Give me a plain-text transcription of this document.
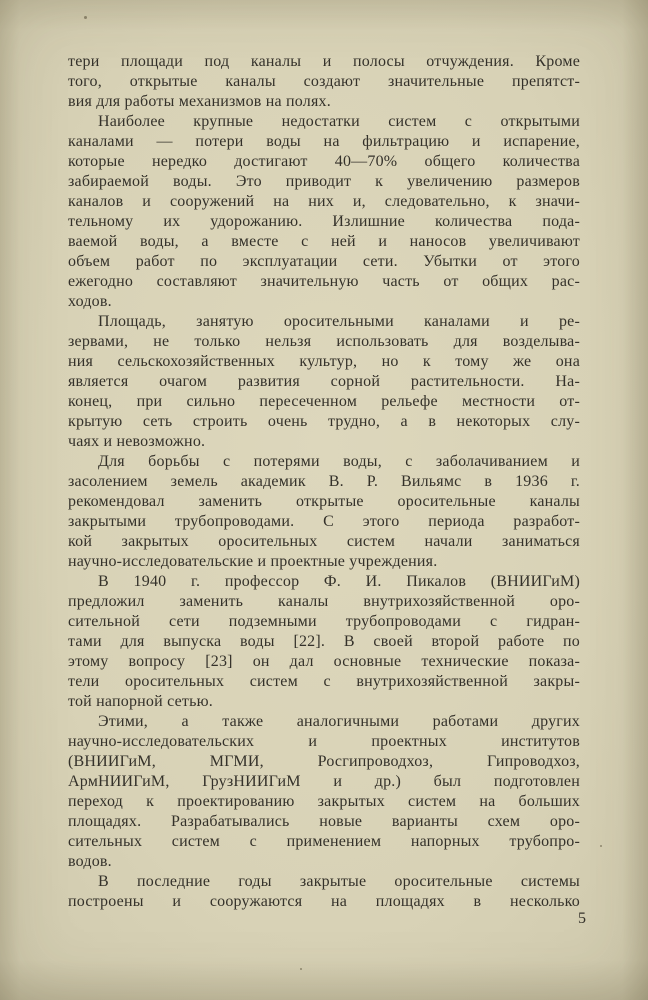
тери площади под каналы и полосы отчуждения. Кроме
того, открытые каналы создают значительные препятст-
вия для работы механизмов на полях.
Наиболее крупные недостатки систем с открытыми
каналами — потери воды на фильтрацию и испарение,
которые нередко достигают 40—70% общего количества
забираемой воды. Это приводит к увеличению размеров
каналов и сооружений на них и, следовательно, к значи-
тельному их удорожанию. Излишние количества пода-
ваемой воды, а вместе с ней и наносов увеличивают
объем работ по эксплуатации сети. Убытки от этого
ежегодно составляют значительную часть от общих рас-
ходов.
Площадь, занятую оросительными каналами и ре-
зервами, не только нельзя использовать для возделыва-
ния сельскохозяйственных культур, но к тому же она
является очагом развития сорной растительности. На-
конец, при сильно пересеченном рельефе местности от-
крытую сеть строить очень трудно, а в некоторых слу-
чаях и невозможно.
Для борьбы с потерями воды, с заболачиванием и
засолением земель академик В. Р. Вильямс в 1936 г.
рекомендовал заменить открытые оросительные каналы
закрытыми трубопроводами. С этого периода разработ-
кой закрытых оросительных систем начали заниматься
научно-исследовательские и проектные учреждения.
В 1940 г. профессор Ф. И. Пикалов (ВНИИГиМ)
предложил заменить каналы внутрихозяйственной оро-
сительной сети подземными трубопроводами с гидран-
тами для выпуска воды [22]. В своей второй работе по
этому вопросу [23] он дал основные технические показа-
тели оросительных систем с внутрихозяйственной закры-
той напорной сетью.
Этими, а также аналогичными работами других
научно-исследовательских и проектных институтов
(ВНИИГиМ, МГМИ, Росгипроводхоз, Гипроводхоз,
АрмНИИГиМ, ГрузНИИГиМ и др.) был подготовлен
переход к проектированию закрытых систем на больших
площадях. Разрабатывались новые варианты схем оро-
сительных систем с применением напорных трубопро-
водов.
В последние годы закрытые оросительные системы
построены и сооружаются на площадях в несколько
5
